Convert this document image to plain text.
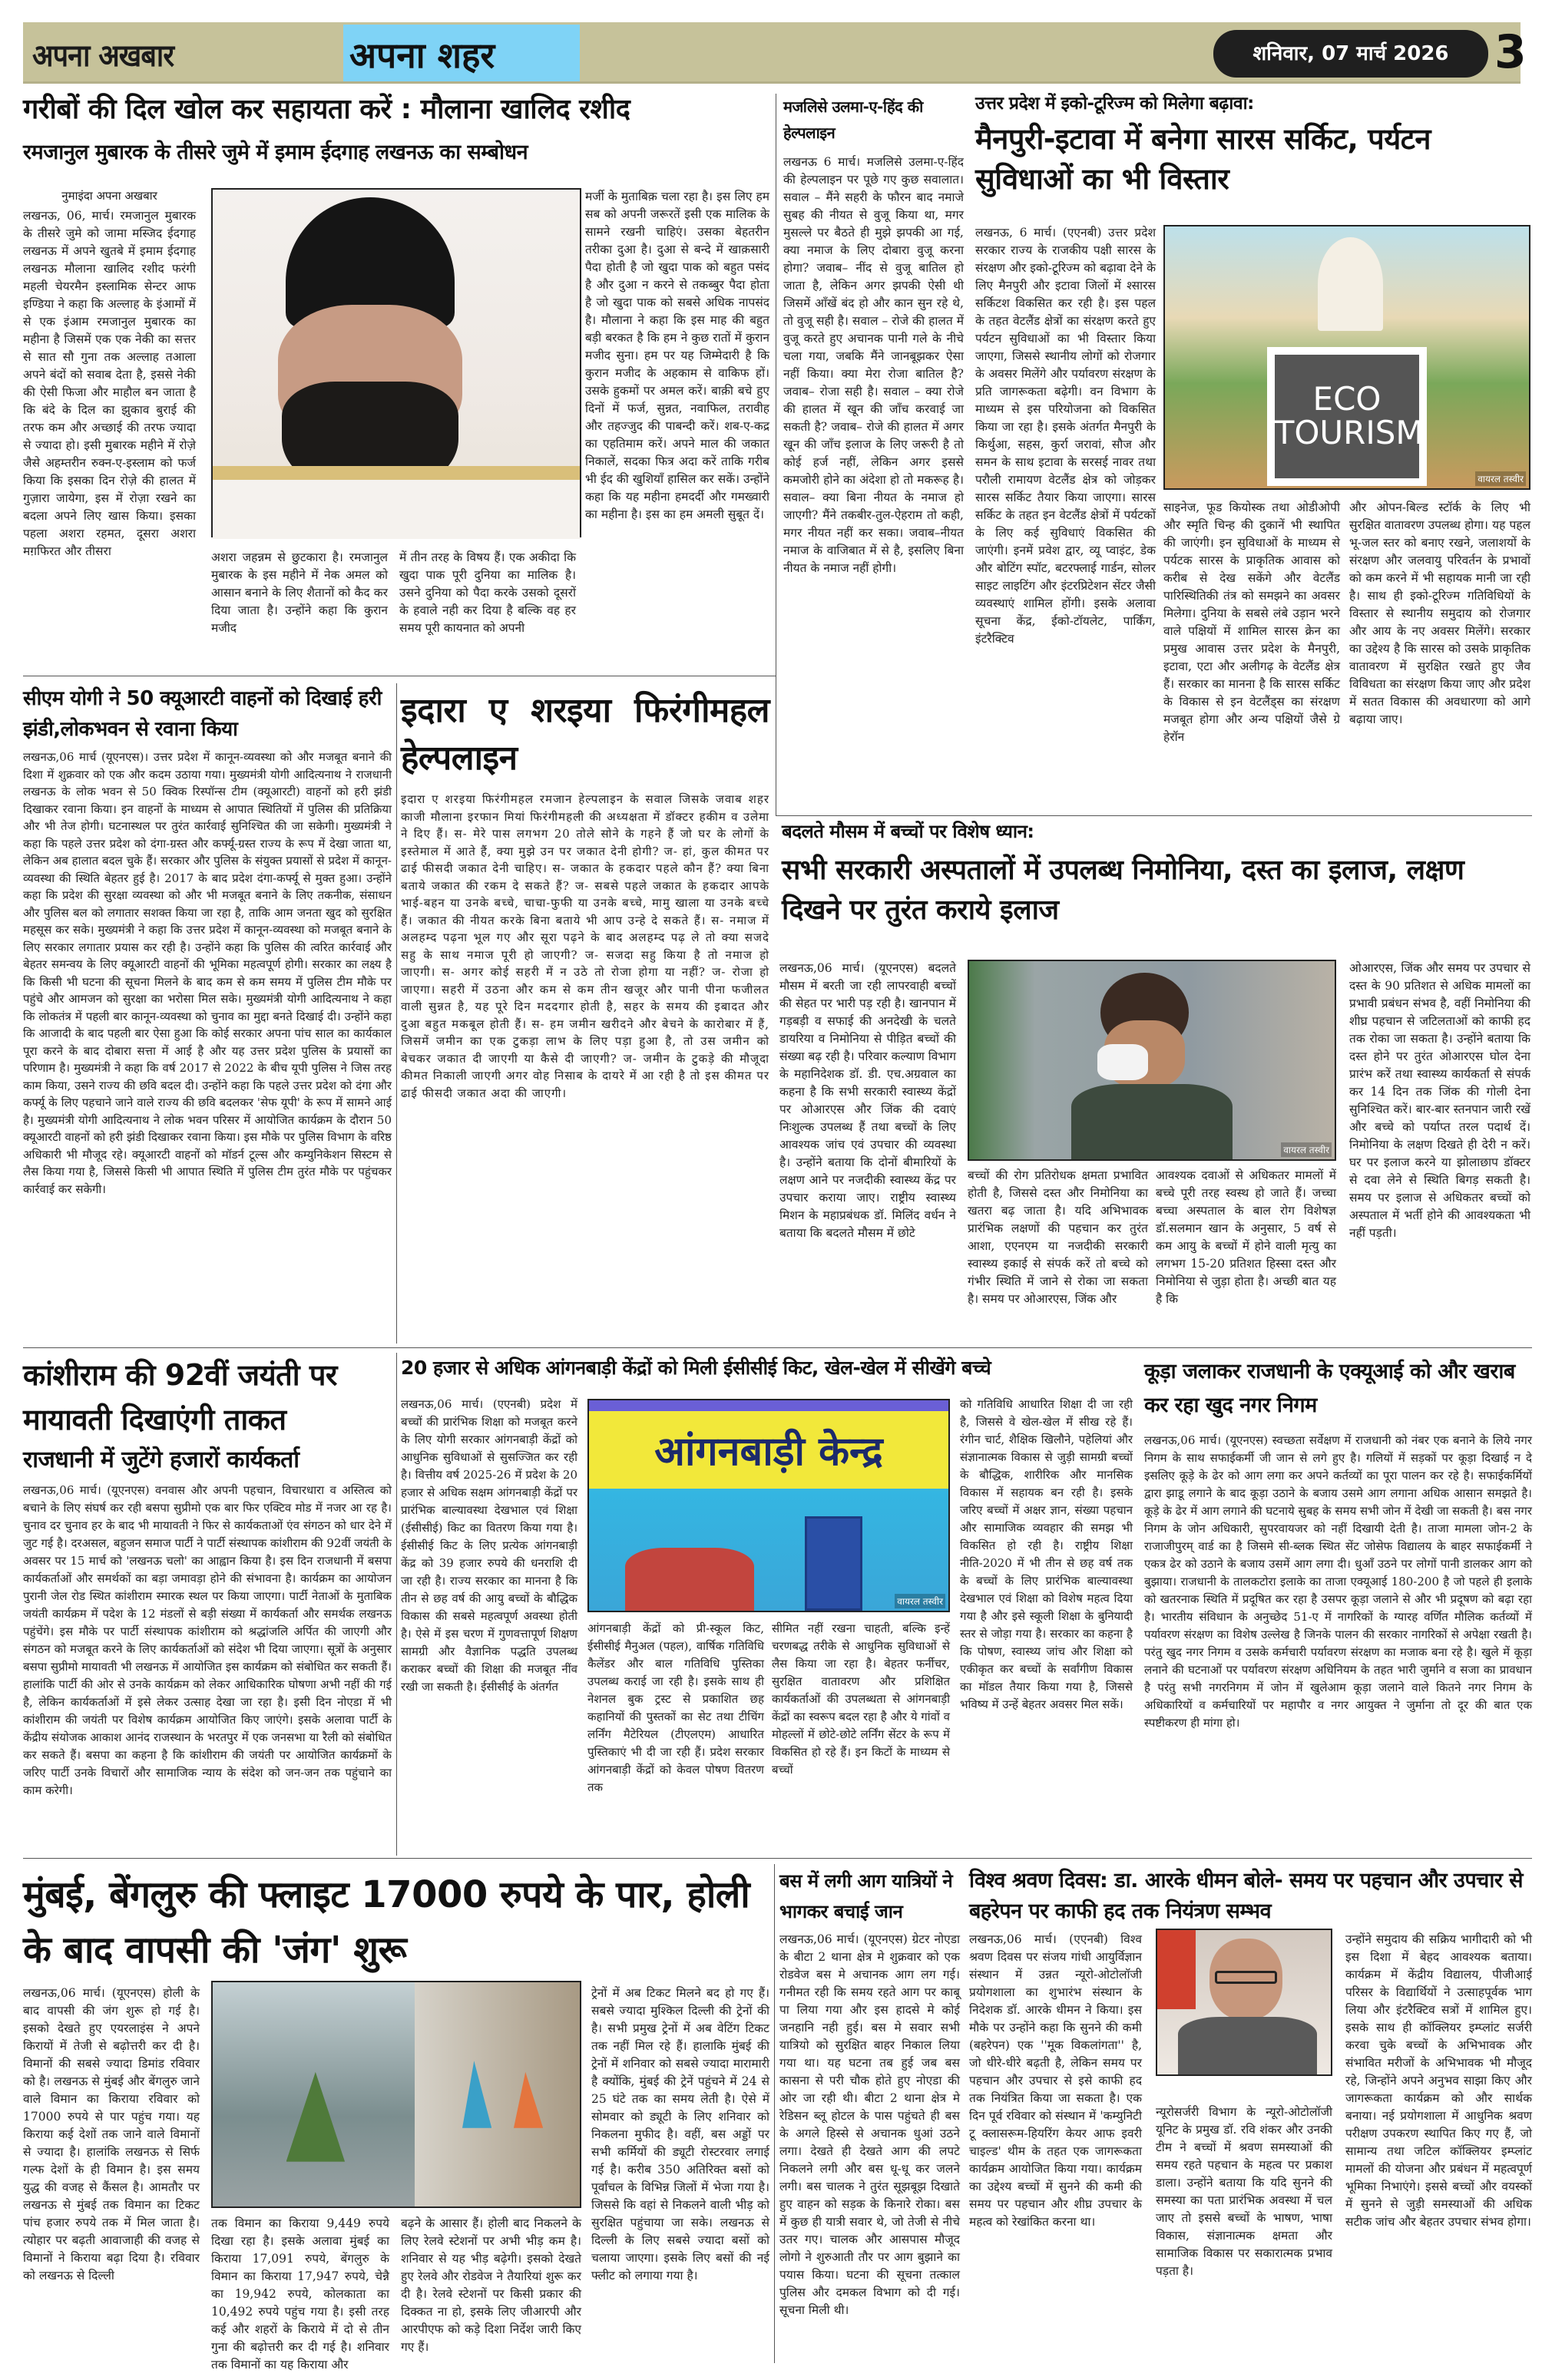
अपना अखबार	अपना शहर	शनिवार, 07 मार्च 2026 3
गरीबों की दिल खोल कर सहायता करें : मौलाना खालिद रशीद
रमजानुल मुबारक के तीसरे जुमे में इमाम ईदगाह लखनऊ का सम्बोधन
नुमाइंदा अपना अखबार
लखनऊ, 06, मार्च। रमजानुल मुबारक के तीसरे जुमे को जामा मस्जिद ईदगाह लखनऊ में अपने खुतबे में इमाम ईदगाह लखनऊ मौलाना खालिद रशीद फरंगी महली चेयरमैन इस्लामिक सेन्टर आफ इण्डिया ने कहा कि अल्लाह के इंआमों में से एक इंआम रमजानुल मुबारक का महीना है जिसमें एक एक नेकी का सत्तर से सात सौ गुना तक अल्लाह तआला अपने बंदों को सवाब देता है, इससे नेकी की ऐसी फिजा और माहौल बन जाता है कि बंदे के दिल का झुकाव बुराई की तरफ कम और अच्छाई की तरफ ज्यादा से ज्यादा हो। इसी मुबारक महीने में रोज़े जैसे अहम्तरीन रुक्न-ए-इस्लाम को फर्ज किया कि इसका दिन रोज़े की हालत में गुज़ारा जायेगा, इस में रोज़ा रखने का बदला अपने लिए खास किया। इसका पहला अशरा रहमत, दूसरा अशरा मग़फिरत और तीसरा	अशरा जहन्नम से छुटकारा है। रमजानुल मुबारक के इस महीने में नेक अमल को आसान बनाने के लिए शैतानों को कैद कर दिया जाता है। उन्होंने कहा कि कुरान मजीद
में तीन तरह के विषय हैं। एक अकीदा कि खुदा पाक पूरी दुनिया का मालिक है। उसने दुनिया को पैदा करके उसको दूसरों के हवाले नही कर दिया है बल्कि वह हर समय पूरी कायनात को अपनी
मर्जी के मुताबिक़ चला रहा है। इस लिए हम सब को अपनी जरूरतें इसी एक मालिक के सामने रखनी चाहिएं। उसका बेहतरीन तरीका दुआ है। दुआ से बन्दे में खाक़सारी पैदा होती है जो खुदा पाक को बहुत पसंद है और दुआ न करने से तकब्बुर पैदा होता है जो खुदा पाक को सबसे अधिक नापसंद है। मौलाना ने कहा कि इस माह की बहुत बड़ी बरकत है कि हम ने कुछ रातों में कुरान मजीद सुना। हम पर यह जिम्मेदारी है कि कुरान मजीद के अहकाम से वाकिफ हों। उसके हुकमों पर अमल करें। बाक़ी बचे हुए दिनों में फर्ज, सुन्नत, नवाफिल, तरावीह और तहज्जुद की पाबन्दी करें। शब-ए-कद्र का एहतिमाम करें। अपने माल की जकात निकालें, सदका फित्र अदा करें ताकि गरीब भी ईद की खुशियाँ हासिल कर सकें। उन्होंने कहा कि यह महीना हमदर्दी और गमख्वारी का महीना है। इस का हम अमली सुबूत दें।
मजलिसे उलमा-ए-हिंद की हेल्पलाइन
लखनऊ 6 मार्च। मजलिसे उलमा-ए-हिंद की हेल्पलाइन पर पूछे गए कुछ सवालात। सवाल – मैंने सहरी के फौरन बाद नमाजे सुबह की नीयत से वुजू किया था, मगर मुसल्ले पर बैठते ही मुझे झपकी आ गई, क्या नमाज के लिए दोबारा वुजू करना होगा? जवाब– नींद से वुजू बातिल हो जाता है, लेकिन अगर झपकी ऐसी थी जिसमें आँखें बंद हो और कान सुन रहे थे, तो वुजू सही है। सवाल – रोजे की हालत में वुजू करते हुए अचानक पानी गले के नीचे चला गया, जबकि मैंने जानबूझकर ऐसा नहीं किया। क्या मेरा रोजा बातिल है? जवाब– रोजा सही है। सवाल – क्या रोजे की हालत में खून की जाँच करवाई जा सकती है? जवाब– रोजे की हालत में अगर खून की जाँच इलाज के लिए जरूरी है तो कोई हर्ज नहीं, लेकिन अगर इससे कमजोरी होने का अंदेशा हो तो मकरूह है। सवाल– क्या बिना नीयत के नमाज हो जाएगी? मैंने तकबीर-तुल-ऐहराम तो कही, मगर नीयत नहीं कर सका। जवाब–नीयत नमाज के वाजिबात में से है, इसलिए बिना नीयत के नमाज नहीं होगी।
उत्तर प्रदेश में इको-टूरिज्म को मिलेगा बढ़ावा:
मैनपुरी-इटावा में बनेगा सारस सर्किट, पर्यटन सुविधाओं का भी विस्तार
लखनऊ, 6 मार्च। (एएनबी) उत्तर प्रदेश सरकार राज्य के राजकीय पक्षी सारस के संरक्षण और इको-टूरिज्म को बढ़ावा देने के लिए मैनपुरी और इटावा जिलों में श्सारस सर्किटश विकसित कर रही है। इस पहल के तहत वेटलैंड क्षेत्रों का संरक्षण करते हुए पर्यटन सुविधाओं का भी विस्तार किया जाएगा, जिससे स्थानीय लोगों को रोजगार के अवसर मिलेंगे और पर्यावरण संरक्षण के प्रति जागरूकता बढ़ेगी। वन विभाग के माध्यम से इस परियोजना को विकसित किया जा रहा है। इसके अंतर्गत मैनपुरी के किर्थुआ, सहस, कुर्रा जरावां, सौज और समन के साथ इटावा के सरसई नावर तथा परौली रामायण वेटलैंड क्षेत्र को जोड़कर सारस सर्किट तैयार किया जाएगा। सारस सर्किट के तहत इन वेटलैंड क्षेत्रों में पर्यटकों के लिए कई सुविधाएं विकसित की जाएंगी। इनमें प्रवेश द्वार, व्यू प्वाइंट, डेक और बोटिंग स्पॉट, बटरफ्लाई गार्डन, सोलर साइट लाइटिंग और इंटरप्रिटेशन सेंटर जैसी व्यवस्थाएं शामिल होंगी। इसके अलावा सूचना केंद्र, ईको-टॉयलेट, पार्किंग, इंटरैक्टिव
ECO
TOURISM
वायरल तस्वीर
साइनेज, फूड कियोस्क तथा ओडीओपी और स्मृति चिन्ह की दुकानें भी स्थापित की जाएंगी। इन सुविधाओं के माध्यम से पर्यटक सारस के प्राकृतिक आवास को करीब से देख सकेंगे और वेटलैंड पारिस्थितिकी तंत्र को समझने का अवसर मिलेगा। दुनिया के सबसे लंबे उड़ान भरने वाले पक्षियों में शामिल सारस क्रेन का प्रमुख आवास उत्तर प्रदेश के मैनपुरी, इटावा, एटा और अलीगढ़ के वेटलैंड क्षेत्र हैं। सरकार का मानना है कि सारस सर्किट के विकास से इन वेटलैंड्स का संरक्षण मजबूत होगा और अन्य पक्षियों जैसे ग्रे हेरॉन
और ओपन-बिल्ड स्टॉर्क के लिए भी सुरक्षित वातावरण उपलब्ध होगा। यह पहल भू-जल स्तर को बनाए रखने, जलाशयों के संरक्षण और जलवायु परिवर्तन के प्रभावों को कम करने में भी सहायक मानी जा रही है। साथ ही इको-टूरिज्म गतिविधियों के विस्तार से स्थानीय समुदाय को रोजगार और आय के नए अवसर मिलेंगे। सरकार का उद्देश्य है कि सारस को उसके प्राकृतिक वातावरण में सुरक्षित रखते हुए जैव विविधता का संरक्षण किया जाए और प्रदेश में सतत विकास की अवधारणा को आगे बढ़ाया जाए।
सीएम योगी ने 50 क्यूआरटी वाहनों को दिखाई हरी झंडी,लोकभवन से रवाना किया
लखनऊ,06 मार्च (यूएनएस)। उत्तर प्रदेश में कानून-व्यवस्था को और मजबूत बनाने की दिशा में शुक्रवार को एक और कदम उठाया गया। मुख्यमंत्री योगी आदित्यनाथ ने राजधानी लखनऊ के लोक भवन से 50 क्विक रिस्पॉन्स टीम (क्यूआरटी) वाहनों को हरी झंडी दिखाकर रवाना किया। इन वाहनों के माध्यम से आपात स्थितियों में पुलिस की प्रतिक्रिया और भी तेज होगी। घटनास्थल पर तुरंत कार्रवाई सुनिश्चित की जा सकेगी। मुख्यमंत्री ने कहा कि पहले उत्तर प्रदेश को दंगा-ग्रस्त और कर्फ्यू-ग्रस्त राज्य के रूप में देखा जाता था, लेकिन अब हालात बदल चुके हैं। सरकार और पुलिस के संयुक्त प्रयासों से प्रदेश में कानून-व्यवस्था की स्थिति बेहतर हुई है। 2017 के बाद प्रदेश दंगा-कर्फ्यू से मुक्त हुआ। उन्होंने कहा कि प्रदेश की सुरक्षा व्यवस्था को और भी मजबूत बनाने के लिए तकनीक, संसाधन और पुलिस बल को लगातार सशक्त किया जा रहा है, ताकि आम जनता खुद को सुरक्षित महसूस कर सके। मुख्यमंत्री ने कहा कि उत्तर प्रदेश में कानून-व्यवस्था को मजबूत बनाने के लिए सरकार लगातार प्रयास कर रही है। उन्होंने कहा कि पुलिस की त्वरित कार्रवाई और बेहतर समन्वय के लिए क्यूआरटी वाहनों की भूमिका महत्वपूर्ण होगी। सरकार का लक्ष्य है कि किसी भी घटना की सूचना मिलने के बाद कम से कम समय में पुलिस टीम मौके पर पहुंचे और आमजन को सुरक्षा का भरोसा मिल सके। मुख्यमंत्री योगी आदित्यनाथ ने कहा कि लोकतंत्र में पहली बार कानून-व्यवस्था को चुनाव का मुद्दा बनते दिखाई दी। उन्होंने कहा कि आजादी के बाद पहली बार ऐसा हुआ कि कोई सरकार अपना पांच साल का कार्यकाल पूरा करने के बाद दोबारा सत्ता में आई है और यह उत्तर प्रदेश पुलिस के प्रयासों का परिणाम है। मुख्यमंत्री ने कहा कि वर्ष 2017 से 2022 के बीच यूपी पुलिस ने जिस तरह काम किया, उसने राज्य की छवि बदल दी। उन्होंने कहा कि पहले उत्तर प्रदेश को दंगा और कर्फ्यू के लिए पहचाने जाने वाले राज्य की छवि बदलकर 'सेफ यूपी' के रूप में सामने आई है। मुख्यमंत्री योगी आदित्यनाथ ने लोक भवन परिसर में आयोजित कार्यक्रम के दौरान 50 क्यूआरटी वाहनों को हरी झंडी दिखाकर रवाना किया। इस मौके पर पुलिस विभाग के वरिष्ठ अधिकारी भी मौजूद रहे। क्यूआरटी वाहनों को मॉडर्न टूल्स और कम्युनिकेशन सिस्टम से लैस किया गया है, जिससे किसी भी आपात स्थिति में पुलिस टीम तुरंत मौके पर पहुंचकर कार्रवाई कर सकेगी।
इदारा ए शरइया फिरंगीमहल हेल्पलाइन
इदारा ए शरइया फिरंगीमहल रमजान हेल्पलाइन के सवाल जिसके जवाब शहर काजी मौलाना इरफान मियां फिरंगीमहली की अध्यक्षता में डॉक्टर हकीम व उलेमा ने दिए हैं। स- मेरे पास लगभग 20 तोले सोने के गहने हैं जो घर के लोगों के इस्तेमाल में आते हैं, क्या मुझे उन पर जकात देनी होगी? ज- हां, कुल कीमत पर ढाई फीसदी जकात देनी चाहिए। स- जकात के हकदार पहले कौन हैं? क्या बिना बताये जकात की रकम दे सकते हैं? ज- सबसे पहले जकात के हकदार आपके भाई-बहन या उनके बच्चे, चाचा-फुफी या उनके बच्चे, मामु खाला या उनके बच्चे हैं। जकात की नीयत करके बिना बताये भी आप उन्हे दे सकते हैं। स- नमाज में अलहम्द पढ़ना भूल गए और सूरा पढ़ने के बाद अलहम्द पढ़ ले तो क्या सजदे सहु के साथ नमाज पूरी हो जाएगी? ज- सजदा सहु किया है तो नमाज हो जाएगी। स- अगर कोई सहरी में न उठे तो रोजा होगा या नहीं? ज- रोजा हो जाएगा। सहरी में उठना और कम से कम तीन खजूर और पानी पीना फजीलत वाली सुन्नत है, यह पूरे दिन मददगार होती है, सहर के समय की इबादत और दुआ बहुत मकबूल होती हैं। स- हम जमीन खरीदने और बेचने के कारोबार में हैं, जिसमें जमीन का एक टुकड़ा लाभ के लिए पड़ा हुआ है, तो उस जमीन को बेचकर जकात दी जाएगी या कैसे दी जाएगी? ज- जमीन के टुकड़े की मौजूदा कीमत निकाली जाएगी अगर वोह निसाब के दायरे में आ रही है तो इस कीमत पर ढाई फीसदी जकात अदा की जाएगी।
बदलते मौसम में बच्चों पर विशेष ध्यान:
सभी सरकारी अस्पतालों में उपलब्ध निमोनिया, दस्त का इलाज, लक्षण दिखने पर तुरंत कराये इलाज
लखनऊ,06 मार्च। (यूएनएस) बदलते मौसम में बरती जा रही लापरवाही बच्चों की सेहत पर भारी पड़ रही है। खानपान में गड़बड़ी व सफाई की अनदेखी के चलते डायरिया व निमोनिया से पीड़ित बच्चों की संख्या बढ़ रही है। परिवार कल्याण विभाग के महानिदेशक डॉ. डी. एच.अग्रवाल का कहना है कि सभी सरकारी स्वास्थ्य केंद्रों पर ओआरएस और जिंक की दवाएं निःशुल्क उपलब्ध हैं तथा बच्चों के लिए आवश्यक जांच एवं उपचार की व्यवस्था है। उन्होंने बताया कि दोनों बीमारियों के लक्षण आने पर नजदीकी स्वास्थ्य केंद्र पर उपचार कराया जाए। राष्ट्रीय स्वास्थ्य मिशन के महाप्रबंधक डॉ. मिलिंद वर्धन ने बताया कि बदलते मौसम में छोटे
वायरल तस्वीर
बच्चों की रोग प्रतिरोधक क्षमता प्रभावित होती है, जिससे दस्त और निमोनिया का खतरा बढ़ जाता है। यदि अभिभावक प्रारंभिक लक्षणों की पहचान कर तुरंत आशा, एएनएम या नजदीकी सरकारी स्वास्थ्य इकाई से संपर्क करें तो बच्चे को गंभीर स्थिति में जाने से रोका जा सकता है। समय पर ओआरएस, जिंक और
आवश्यक दवाओं से अधिकतर मामलों में बच्चे पूरी तरह स्वस्थ हो जाते हैं। जच्चा बच्चा अस्पताल के बाल रोग विशेषज्ञ डॉ.सलमान खान के अनुसार, 5 वर्ष से कम आयु के बच्चों में होने वाली मृत्यु का लगभग 15-20 प्रतिशत हिस्सा दस्त और निमोनिया से जुड़ा होता है। अच्छी बात यह है कि
ओआरएस, जिंक और समय पर उपचार से दस्त के 90 प्रतिशत से अधिक मामलों का प्रभावी प्रबंधन संभव है, वहीं निमोनिया की शीघ्र पहचान से जटिलताओं को काफी हद तक रोका जा सकता है। उन्होंने बताया कि दस्त होने पर तुरंत ओआरएस घोल देना प्रारंभ करें तथा स्वास्थ्य कार्यकर्ता से संपर्क कर 14 दिन तक जिंक की गोली देना सुनिश्चित करें। बार-बार स्तनपान जारी रखें और बच्चे को पर्याप्त तरल पदार्थ दें। निमोनिया के लक्षण दिखते ही देरी न करें। घर पर इलाज करने या झोलाछाप डॉक्टर से दवा लेने से स्थिति बिगड़ सकती है। समय पर इलाज से अधिकतर बच्चों को अस्पताल में भर्ती होने की आवश्यकता भी नहीं पड़ती।
कांशीराम की 92वीं जयंती पर मायावती दिखाएंगी ताकत
राजधानी में जुटेंगे हजारों कार्यकर्ता
लखनऊ,06 मार्च। (यूएनएस) वनवास और अपनी पहचान, विचारधारा व अस्तित्व को बचाने के लिए संघर्ष कर रही बसपा सुप्रीमो एक बार फिर एक्टिव मोड में नजर आ रह है। चुनाव दर चुनाव हर के बाद भी मायावती ने फिर से कार्यकताओं एंव संगठन को धार देने में जुट गई है। दरअसल, बहुजन समाज पार्टी ने पार्टी संस्थापक कांशीराम की 92वीं जयंती के अवसर पर 15 मार्च को 'लखनऊ चलो' का आह्वान किया है। इस दिन राजधानी में बसपा कार्यकर्ताओं और समर्थकों का बड़ा जमावड़ा होने की संभावना है। कार्यक्रम का आयोजन पुरानी जेल रोड स्थित कांशीराम स्मारक स्थल पर किया जाएगा। पार्टी नेताओं के मुताबिक जयंती कार्यक्रम में पदेश के 12 मंडलों से बड़ी संख्या में कार्यकर्ता और समर्थक लखनऊ पहुंचेंगे। इस मौके पर पार्टी संस्थापक कांशीराम को श्रद्धांजलि अर्पित की जाएगी और संगठन को मजबूत करने के लिए कार्यकर्ताओं को संदेश भी दिया जाएगा। सूत्रों के अनुसार बसपा सुप्रीमो मायावती भी लखनऊ में आयोजित इस कार्यक्रम को संबोधित कर सकती हैं। हालांकि पार्टी की ओर से उनके कार्यक्रम को लेकर आधिकारिक घोषणा अभी नहीं की गई है, लेकिन कार्यकर्ताओं में इसे लेकर उत्साह देखा जा रहा है। इसी दिन नोएडा में भी कांशीराम की जयंती पर विशेष कार्यक्रम आयोजित किए जाएंगे। इसके अलावा पार्टी के केंद्रीय संयोजक आकाश आनंद राजस्थान के भरतपुर में एक जनसभा या रैली को संबोधित कर सकते हैं। बसपा का कहना है कि कांशीराम की जयंती पर आयोजित कार्यक्रमों के जरिए पार्टी उनके विचारों और सामाजिक न्याय के संदेश को जन-जन तक पहुंचाने का काम करेगी।
20 हजार से अधिक आंगनबाड़ी केंद्रों को मिली ईसीसीई किट, खेल-खेल में सीखेंगे बच्चे
लखनऊ,06 मार्च। (एएनबी) प्रदेश में बच्चों की प्रारंभिक शिक्षा को मजबूत करने के लिए योगी सरकार आंगनबाड़ी केंद्रों को आधुनिक सुविधाओं से सुसज्जित कर रही है। वित्तीय वर्ष 2025-26 में प्रदेश के 20 हजार से अधिक सक्षम आंगनबाड़ी केंद्रों पर प्रारंभिक बाल्यावस्था देखभाल एवं शिक्षा (ईसीसीई) किट का वितरण किया गया है। ईसीसीई किट के लिए प्रत्येक आंगनबाड़ी केंद्र को 39 हजार रुपये की धनराशि दी जा रही है। राज्य सरकार का मानना है कि तीन से छह वर्ष की आयु बच्चों के बौद्धिक विकास की सबसे महत्वपूर्ण अवस्था होती है। ऐसे में इस चरण में गुणवत्तापूर्ण शिक्षण सामग्री और वैज्ञानिक पद्धति उपलब्ध कराकर बच्चों की शिक्षा की मजबूत नींव रखी जा सकती है। ईसीसीई के अंतर्गत
आंगनबाड़ी केन्द्र
वायरल तस्वीर
आंगनबाड़ी केंद्रों को प्री-स्कूल किट, ईसीसीई मैनुअल (पहल), वार्षिक गतिविधि कैलेंडर और बाल गतिविधि पुस्तिका उपलब्ध कराई जा रही है। इसके साथ ही नेशनल बुक ट्रस्ट से प्रकाशित छह कहानियों की पुस्तकों का सेट तथा टीचिंग लर्निंग मैटेरियल (टीएलएम) आधारित पुस्तिकाएं भी दी जा रही हैं। प्रदेश सरकार आंगनबाड़ी केंद्रों को केवल पोषण वितरण तक
सीमित नहीं रखना चाहती, बल्कि इन्हें चरणबद्ध तरीके से आधुनिक सुविधाओं से लैस किया जा रहा है। बेहतर फर्नीचर, सुरक्षित वातावरण और प्रशिक्षित कार्यकर्ताओं की उपलब्धता से आंगनबाड़ी केंद्रों का स्वरूप बदल रहा है और ये गांवों व मोहल्लों में छोटे-छोटे लर्निंग सेंटर के रूप में विकसित हो रहे हैं। इन किटों के माध्यम से बच्चों
को गतिविधि आधारित शिक्षा दी जा रही है, जिससे वे खेल-खेल में सीख रहे हैं। रंगीन चार्ट, शैक्षिक खिलौने, पहेलियां और संज्ञानात्मक विकास से जुड़ी सामग्री बच्चों के बौद्धिक, शारीरिक और मानसिक विकास में सहायक बन रही है। इसके जरिए बच्चों में अक्षर ज्ञान, संख्या पहचान और सामाजिक व्यवहार की समझ भी विकसित हो रही है। राष्ट्रीय शिक्षा नीति-2020 में भी तीन से छह वर्ष तक के बच्चों के लिए प्रारंभिक बाल्यावस्था देखभाल एवं शिक्षा को विशेष महत्व दिया गया है और इसे स्कूली शिक्षा के बुनियादी स्तर से जोड़ा गया है। सरकार का कहना है कि पोषण, स्वास्थ्य जांच और शिक्षा को एकीकृत कर बच्चों के सर्वांगीण विकास का मॉडल तैयार किया गया है, जिससे भविष्य में उन्हें बेहतर अवसर मिल सकें।
कूड़ा जलाकर राजधानी के एक्यूआई को और खराब कर रहा खुद नगर निगम
लखनऊ,06 मार्च। (यूएनएस) स्वच्छता सर्वेक्षण में राजधानी को नंबर एक बनाने के लिये नगर निगम के साथ सफाईकर्मी जी जान से लगे हुए है। गलियों में सड़कों पर कूड़ा दिखाई न दे इसलिए कूड़े के ढेर को आग लगा कर अपने कर्तव्यों का पूरा पालन कर रहे है। सफाईकर्मियों द्वारा झाडू लगाने के बाद कूड़ा उठाने के बजाय उसमे आग लगाना अधिक आसान समझते है। कूड़े के ढेर में आग लगाने की घटनाये सुबह के समय सभी जोन में देखी जा सकती है। बस नगर निगम के जोन अधिकारी, सुपरवायजर को नहीं दिखायी देती है। ताजा मामला जोन-2 के राजाजीपुरम् वार्ड का है जिसमे सी-ब्लक स्थित सेंट जोसेफ विद्यालय के बाहर सफाईकर्मी ने एकत्र ढेर को उठाने के बजाय उसमें आग लगा दी। धुआँ उठने पर लोगों पानी डालकर आग को बुझाया। राजधानी के तालकटोरा इलाके का ताजा एक्यूआई 180-200 है जो पहले ही इलाके को खतरनाक स्थिति में प्रदूषित कर रहा है उसपर कूड़ा जलाने से और भी प्रदूषण को बढ़ा रहा है। भारतीय संविधान के अनुच्छेद 51-ए में नागरिकों के ग्यारह वर्णित मौलिक कर्तव्यों में पर्यावरण संरक्षण का विशेष उल्लेख है जिनके पालन की सरकार नागरिकों से अपेक्षा रखती है। परंतु खुद नगर निगम व उसके कर्मचारी पर्यावरण संरक्षण का मजाक बना रहे है। खुले में कूड़ा लनाने की घटनाओं पर पर्यावरण संरक्षण अधिनियम के तहत भारी जुर्माने व सजा का प्रावधान है परंतु सभी नगरनिगम में जोन में खुलेआम कूड़ा जलाने वाले कितने नगर निगम के अधिकारियों व कर्मचारियों पर महापौर व नगर आयुक्त ने जुर्माना तो दूर की बात एक स्पष्टीकरण ही मांगा हो।
मुंबई, बेंगलुरु की फ्लाइट 17000 रुपये के पार, होली के बाद वापसी की 'जंग' शुरू
लखनऊ,06 मार्च। (यूएनएस) होली के बाद वापसी की जंग शुरू हो गई है। इसको देखते हुए एयरलाइंस ने अपने किरायों में तेजी से बढ़ोत्तरी कर दी है। विमानों की सबसे ज्यादा डिमांड रविवार को है। लखनऊ से मुंबई और बेंगलुरु जाने वाले विमान का किराया रविवार को 17000 रुपये से पार पहुंच गया। यह किराया कई देशों तक जाने वाले विमानों से ज्यादा है। हालांकि लखनऊ से सिर्फ गल्फ देशों के ही विमान है। इस समय युद्ध की वजह से कैंसल है। आमतौर पर लखनऊ से मुंबई तक विमान का टिकट पांच हजार रुपये तक में मिल जाता है। त्योहार पर बढ़ती आवाजाही की वजह से विमानों ने किराया बढ़ा दिया है। रविवार को लखनऊ से दिल्ली
तक विमान का किराया 9,449 रुपये दिखा रहा है। इसके अलावा मुंबई का किराया 17,091 रुपये, बेंगलुरु के विमान का किराया 17,947 रुपये, चेन्नै का 19,942 रुपये, कोलकाता का 10,492 रुपये पहुंच गया है। इसी तरह कई और शहरों के किराये में दो से तीन गुना की बढ़ोत्तरी कर दी गई है। शनिवार तक विमानों का यह किराया और
बढ़ने के आसार हैं। होली बाद निकलने के लिए रेलवे स्टेशनों पर अभी भीड़ कम है। शनिवार से यह भीड़ बढ़ेगी। इसको देखते हुए रेलवे और रोडवेज ने तैयारियां शुरू कर दी है। रेलवे स्टेशनों पर किसी प्रकार की दिक्कत ना हो, इसके लिए जीआरपी और आरपीएफ को कड़े दिशा निर्देश जारी किए गए हैं।
ट्रेनों में अब टिकट मिलने बद हो गए हैं। सबसे ज्यादा मुश्किल दिल्ली की ट्रेनों की है। सभी प्रमुख ट्रेनों में अब वेटिंग टिकट तक नहीं मिल रहे हैं। हालाकि मुंबई की ट्रेनों में शनिवार को सबसे ज्यादा मारामारी है क्योंकि, मुंबई की ट्रेनें पहुंचने में 24 से 25 घंटे तक का समय लेती है। ऐसे में सोमवार को ड्यूटी के लिए शनिवार को निकलना मुफीद है। वहीं, बस अड्डों पर सभी कर्मियों की ड्यूटी रोस्टरवार लगाई गई है। करीब 350 अतिरिक्त बसों को पूर्वांचल के विभिन्न जिलों में भेजा गया है। जिससे कि वहां से निकलने वाली भीड़ को सुरक्षित पहुंचाया जा सके। लखनऊ से दिल्ली के लिए सबसे ज्यादा बसों को चलाया जाएगा। इसके लिए बसों की नई फ्लीट को लगाया गया है।
बस में लगी आग यात्रियों ने भागकर बचाई जान
लखनऊ,06 मार्च। (यूएनएस) ग्रेटर नोएडा के बीटा 2 थाना क्षेत्र मे शुक्रवार को एक रोडवेज बस मे अचानक आग लग गई। गनीमत रही कि समय रहते आग पर काबू पा लिया गया और इस हादसे मे कोई जनहानि नही हुई। बस मे सवार सभी यात्रियो को सुरक्षित बाहर निकाल लिया गया था। यह घटना तब हुई जब बस कासना से परी चौक होते हुए नोएडा की ओर जा रही थी। बीटा 2 थाना क्षेत्र मे रेडिसन ब्लू होटल के पास पहुंचते ही बस के अगले हिस्से से अचानक धुआं उठने लगा। देखते ही देखते आग की लपटे निकलने लगी और बस धू-धू कर जलने लगी। बस चालक ने तुरंत सूझबूझ दिखाते हुए वाहन को सड़क के किनारे रोका। बस में कुछ ही यात्री सवार थे, जो तेजी से नीचे उतर गए। चालक और आसपास मौजूद लोगो ने शुरुआती तौर पर आग बुझाने का पयास किया। घटना की सूचना तत्काल पुलिस और दमकल विभाग को दी गई। सूचना मिली थी।
विश्व श्रवण दिवस: डा. आरके धीमन बोले- समय पर पहचान और उपचार से बहरेपन पर काफी हद तक नियंत्रण सम्भव
लखनऊ,06 मार्च। (एएनबी) विश्व श्रवण दिवस पर संजय गांधी आयुर्विज्ञान संस्थान में उन्नत न्यूरो-ओटोलॉजी प्रयोगशाला का शुभारंभ संस्थान के निदेशक डॉ. आरके धीमन ने किया। इस मौके पर उन्होंने कहा कि सुनने की कमी (बहरेपन) एक ''मूक विकलांगता'' है, जो धीरे-धीरे बढ़ती है, लेकिन समय पर पहचान और उपचार से इसे काफी हद तक नियंत्रित किया जा सकता है। एक दिन पूर्व रविवार को संस्थान में 'कम्युनिटी टू क्लासरूम-हियरिंग केयर आफ इवरी चाइल्ड' थीम के तहत एक जागरूकता कार्यक्रम आयोजित किया गया। कार्यक्रम का उद्देश्य बच्चों में सुनने की कमी की समय पर पहचान और शीघ्र उपचार के महत्व को रेखांकित करना था।
न्यूरोसर्जरी विभाग के न्यूरो-ओटोलॉजी यूनिट के प्रमुख डॉ. रवि शंकर और उनकी टीम ने बच्चों में श्रवण समस्याओं की समय रहते पहचान के महत्व पर प्रकाश डाला। उन्होंने बताया कि यदि सुनने की समस्या का पता प्रारंभिक अवस्था में चल जाए तो इससे बच्चों के भाषण, भाषा विकास, संज्ञानात्मक क्षमता और सामाजिक विकास पर सकारात्मक प्रभाव पड़ता है।
उन्होंने समुदाय की सक्रिय भागीदारी को भी इस दिशा में बेहद आवश्यक बताया। कार्यक्रम में केंद्रीय विद्यालय, पीजीआई परिसर के विद्यार्थियों ने उत्साहपूर्वक भाग लिया और इंटरैक्टिव सत्रों में शामिल हुए। इसके साथ ही कॉक्लियर इम्प्लांट सर्जरी करवा चुके बच्चों के अभिभावक और संभावित मरीजों के अभिभावक भी मौजूद रहे, जिन्होंने अपने अनुभव साझा किए और जागरूकता कार्यक्रम को और सार्थक बनाया। नई प्रयोगशाला में आधुनिक श्रवण परीक्षण उपकरण स्थापित किए गए हैं, जो सामान्य तथा जटिल कॉक्लियर इम्प्लांट मामलों की योजना और प्रबंधन में महत्वपूर्ण भूमिका निभाएंगे। इससे बच्चों और वयस्कों में सुनने से जुड़ी समस्याओं की अधिक सटीक जांच और बेहतर उपचार संभव होगा।
